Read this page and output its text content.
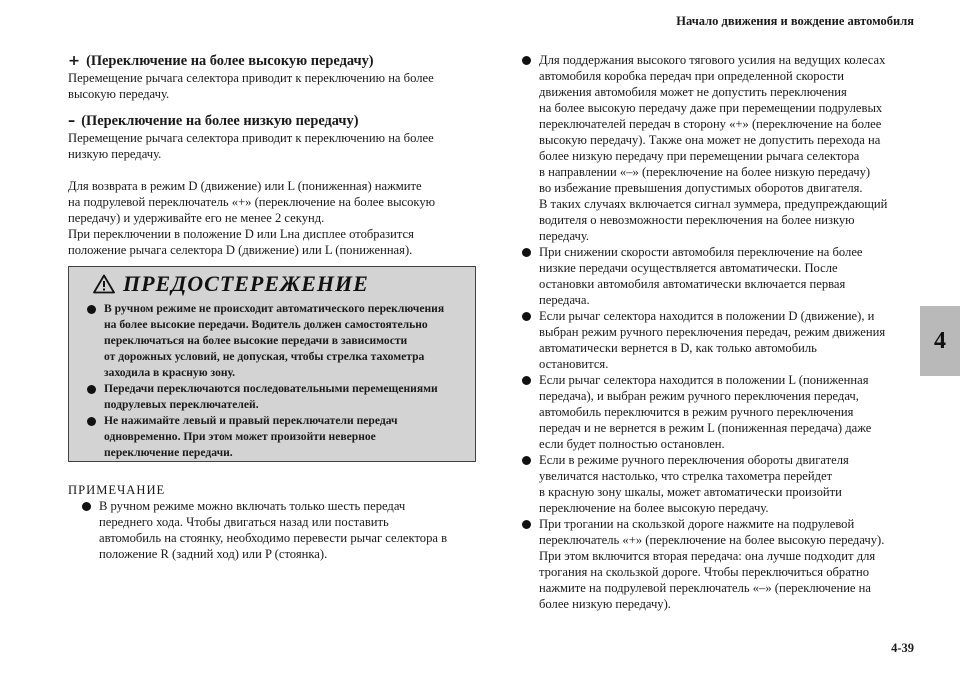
Начало движения и вождение автомобиля
4
4-39
+ (Переключение на более высокую передачу)
Перемещение рычага селектора приводит к переключению на более
высокую передачу.
– (Переключение на более низкую передачу)
Перемещение рычага селектора приводит к переключению на более
низкую передачу.
Для возврата в режим D (движение) или L (пониженная) нажмите
на подрулевой переключатель «+» (переключение на более высокую
передачу) и удерживайте его не менее 2 секунд.
При переключении в положение D или Lна дисплее отобразится
положение рычага селектора D (движение) или L (пониженная).
ПРЕДОСТЕРЕЖЕНИЕ
В ручном режиме не происходит автоматического переключения
на более высокие передачи. Водитель должен самостоятельно
переключаться на более высокие передачи в зависимости
от дорожных условий, не допуская, чтобы стрелка тахометра
заходила в красную зону.
Передачи переключаются последовательными перемещениями
подрулевых переключателей.
Не нажимайте левый и правый переключатели передач
одновременно. При этом может произойти неверное
переключение передачи.
ПРИМЕЧАНИЕ
В ручном режиме можно включать только шесть передач
переднего хода. Чтобы двигаться назад или поставить
автомобиль на стоянку, необходимо перевести рычаг селектора в
положение R (задний ход) или P (стоянка).
Для поддержания высокого тягового усилия на ведущих колесах
автомобиля коробка передач при определенной скорости
движения автомобиля может не допустить переключения
на более высокую передачу даже при перемещении подрулевых
переключателей передач в сторону «+» (переключение на более
высокую передачу). Также она может не допустить перехода на
более низкую передачу при перемещении рычага селектора
в направлении «–» (переключение на более низкую передачу)
во избежание превышения допустимых оборотов двигателя.
В таких случаях включается сигнал зуммера, предупреждающий
водителя о невозможности переключения на более низкую
передачу.
При снижении скорости автомобиля переключение на более
низкие передачи осуществляется автоматически. После
остановки автомобиля автоматически включается первая
передача.
Если рычаг селектора находится в положении D (движение), и
выбран режим ручного переключения передач, режим движения
автоматически вернется в D, как только автомобиль
остановится.
Если рычаг селектора находится в положении L (пониженная
передача), и выбран режим ручного переключения передач,
автомобиль переключится в режим ручного переключения
передач и не вернется в режим L (пониженная передача) даже
если будет полностью остановлен.
Если в режиме ручного переключения обороты двигателя
увеличатся настолько, что стрелка тахометра перейдет
в красную зону шкалы, может автоматически произойти
переключение на более высокую передачу.
При трогании на скользкой дороге нажмите на подрулевой
переключатель «+» (переключение на более высокую передачу).
При этом включится вторая передача: она лучше подходит для
трогания на скользкой дороге. Чтобы переключиться обратно
нажмите на подрулевой переключатель «–» (переключение на
более низкую передачу).
